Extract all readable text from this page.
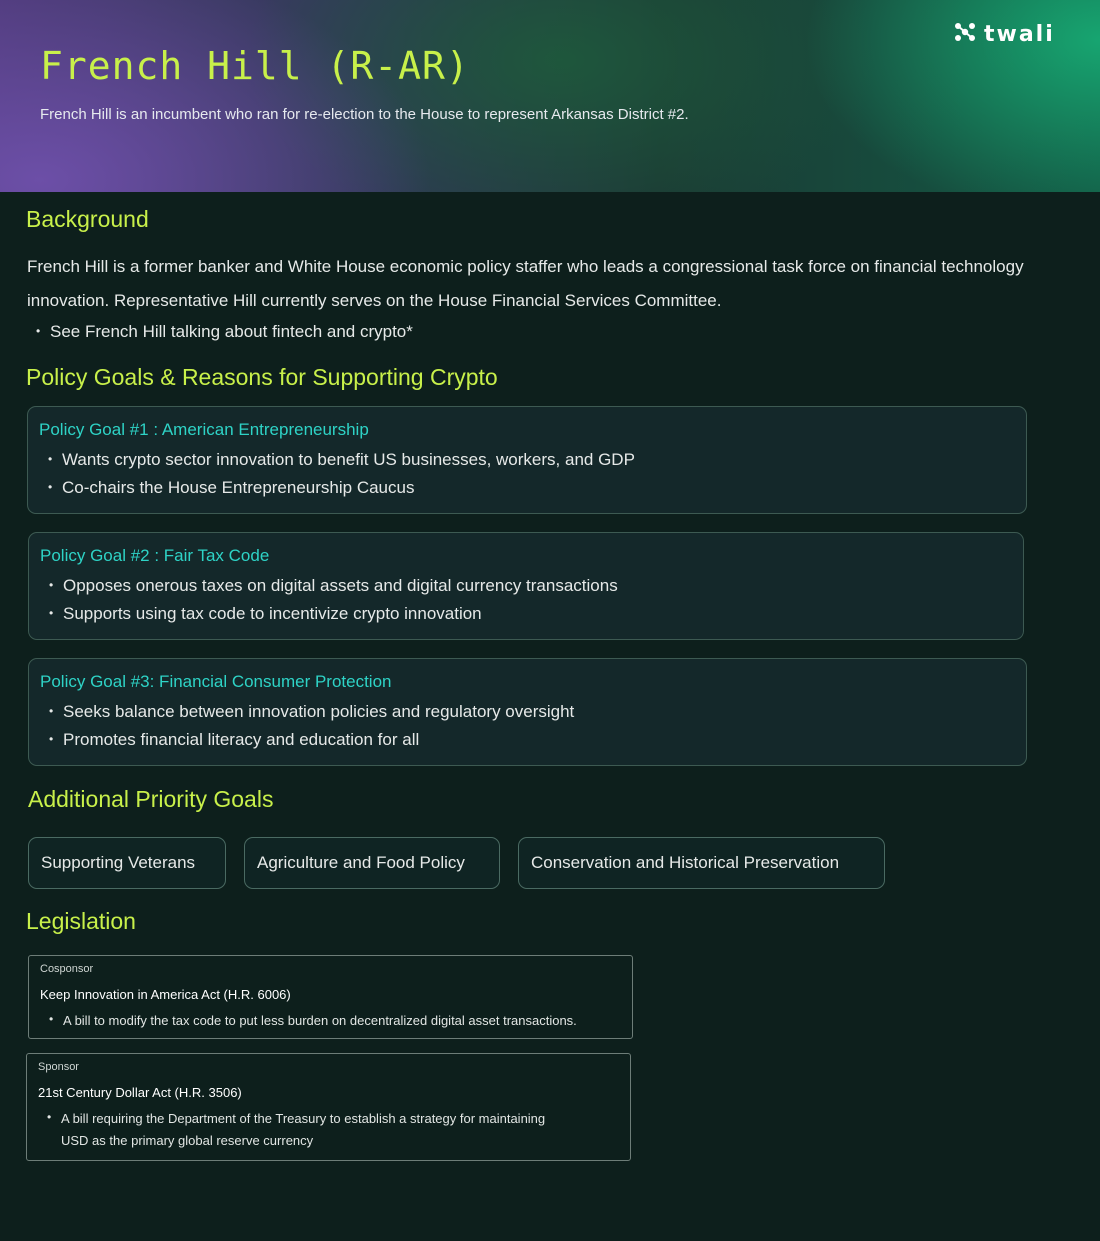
French Hill (R-AR)

French Hill is an incumbent who ran for re-election to the House to represent Arkansas District #2.

twali
Background

French Hill is a former banker and White House economic policy staffer who leads a congressional task force on financial technology innovation. Representative Hill currently serves on the House Financial Services Committee.

• See French Hill talking about fintech and crypto*
Policy Goals & Reasons for Supporting Crypto
Policy Goal #1 : American Entrepreneurship
• Wants crypto sector innovation to benefit US businesses, workers, and GDP
• Co-chairs the House Entrepreneurship Caucus
Policy Goal #2 : Fair Tax Code
• Opposes onerous taxes on digital assets and digital currency transactions
• Supports using tax code to incentivize crypto innovation
Policy Goal #3: Financial Consumer Protection
• Seeks balance between innovation policies and regulatory oversight
• Promotes financial literacy and education for all
Additional Priority Goals
Supporting Veterans	Agriculture and Food Policy	Conservation and Historical Preservation
Legislation
Cosponsor
Keep Innovation in America Act (H.R. 6006)
• A bill to modify the tax code to put less burden on decentralized digital asset transactions.
Sponsor
21st Century Dollar Act (H.R. 3506)
• A bill requiring the Department of the Treasury to establish a strategy for maintaining
USD as the primary global reserve currency
